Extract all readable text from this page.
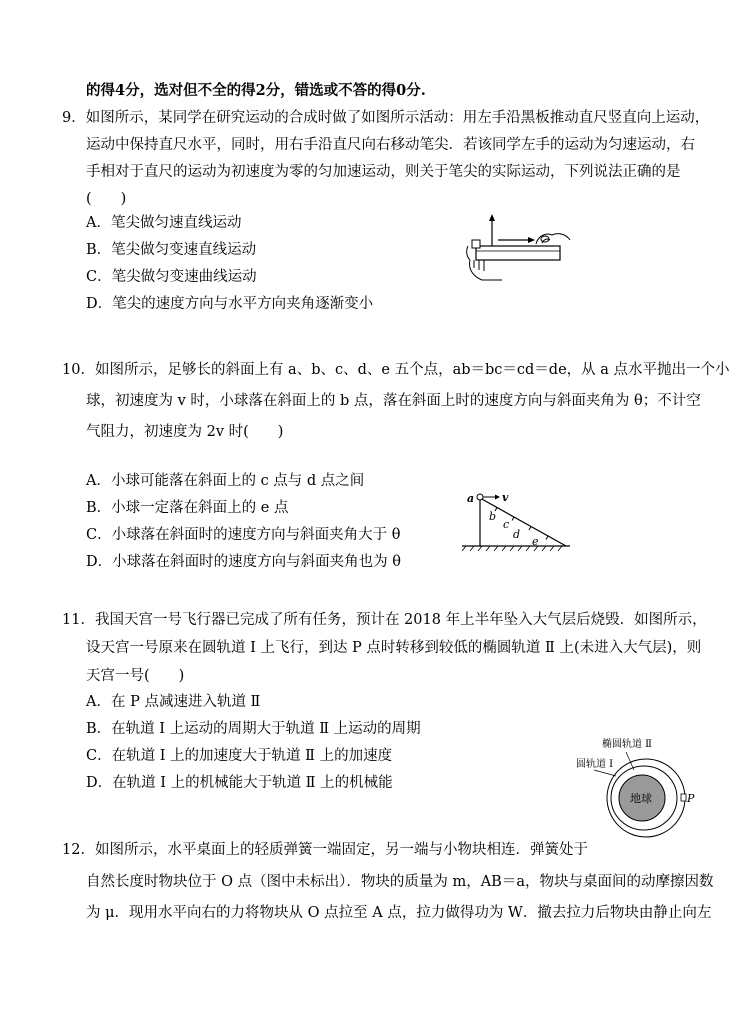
的得4分，选对但不全的得2分，错选或不答的得0分.
9．如图所示，某同学在研究运动的合成时做了如图所示活动：用左手沿黑板推动直尺竖直向上运动，
运动中保持直尺水平，同时，用右手沿直尺向右移动笔尖．若该同学左手的运动为匀速运动，右
手相对于直尺的运动为初速度为零的匀加速运动，则关于笔尖的实际运动，下列说法正确的是
(　　)
A．笔尖做匀速直线运动
B．笔尖做匀变速直线运动
C．笔尖做匀变速曲线运动
D．笔尖的速度方向与水平方向夹角逐渐变小
10．如图所示，足够长的斜面上有 a、b、c、d、e 五个点，ab＝bc＝cd＝de，从 a 点水平抛出一个小
球，初速度为 v 时，小球落在斜面上的 b 点，落在斜面上时的速度方向与斜面夹角为 θ；不计空
气阻力，初速度为 2v 时(　　)
A．小球可能落在斜面上的 c 点与 d 点之间
B．小球一定落在斜面上的 e 点
C．小球落在斜面时的速度方向与斜面夹角大于 θ
D．小球落在斜面时的速度方向与斜面夹角也为 θ
a	v
b
c
d
e
11．我国天宫一号飞行器已完成了所有任务，预计在 2018 年上半年坠入大气层后烧毁．如图所示，
设天宫一号原来在圆轨道 Ⅰ 上飞行，到达 P 点时转移到较低的椭圆轨道 Ⅱ 上(未进入大气层)，则
天宫一号(　　)
A．在 P 点减速进入轨道 Ⅱ
B．在轨道 Ⅰ 上运动的周期大于轨道 Ⅱ 上运动的周期
C．在轨道 Ⅰ 上的加速度大于轨道 Ⅱ 上的加速度
D．在轨道 Ⅰ 上的机械能大于轨道 Ⅱ 上的机械能
地球	P
椭圆轨道 Ⅱ
圆轨道 Ⅰ
12．如图所示，水平桌面上的轻质弹簧一端固定，另一端与小物块相连．弹簧处于
自然长度时物块位于 O 点（图中未标出）．物块的质量为 m，AB＝a，物块与桌面间的动摩擦因数
为 μ．现用水平向右的力将物块从 O 点拉至 A 点，拉力做得功为 W．撤去拉力后物块由静止向左
